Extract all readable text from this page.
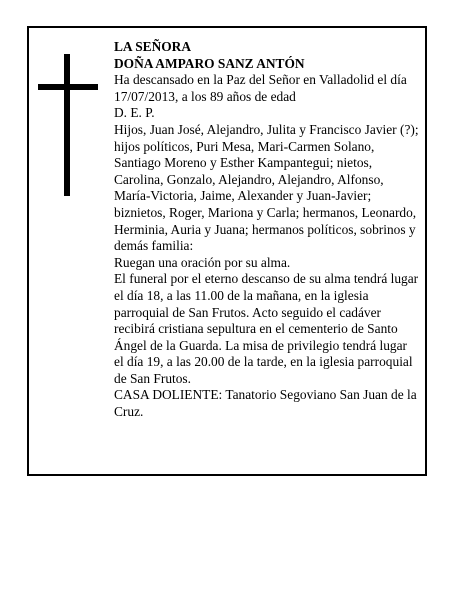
LA SEÑORA

DOÑA AMPARO SANZ ANTÓN

Ha descansado en la Paz del Señor en Valladolid el día 17/07/2013, a los 89 años de edad

D. E. P.

Hijos, Juan José, Alejandro, Julita y Francisco Javier (?); hijos políticos, Puri Mesa, Mari-Carmen Solano, Santiago Moreno y Esther Kampantegui; nietos, Carolina, Gonzalo, Alejandro, Alejandro, Alfonso, María-Victoria, Jaime, Alexander y Juan-Javier; biznietos, Roger, Mariona y Carla; hermanos, Leonardo, Herminia, Auria y Juana; hermanos políticos, sobrinos y demás familia:

Ruegan una oración por su alma.

El funeral por el eterno descanso de su alma tendrá lugar el día 18, a las 11.00 de la mañana, en la iglesia parroquial de San Frutos. Acto seguido el cadáver recibirá cristiana sepultura en el cementerio de Santo Ángel de la Guarda. La misa de privilegio tendrá lugar el día 19, a las 20.00 de la tarde, en la iglesia parroquial de San Frutos.

CASA DOLIENTE: Tanatorio Segoviano San Juan de la Cruz.
